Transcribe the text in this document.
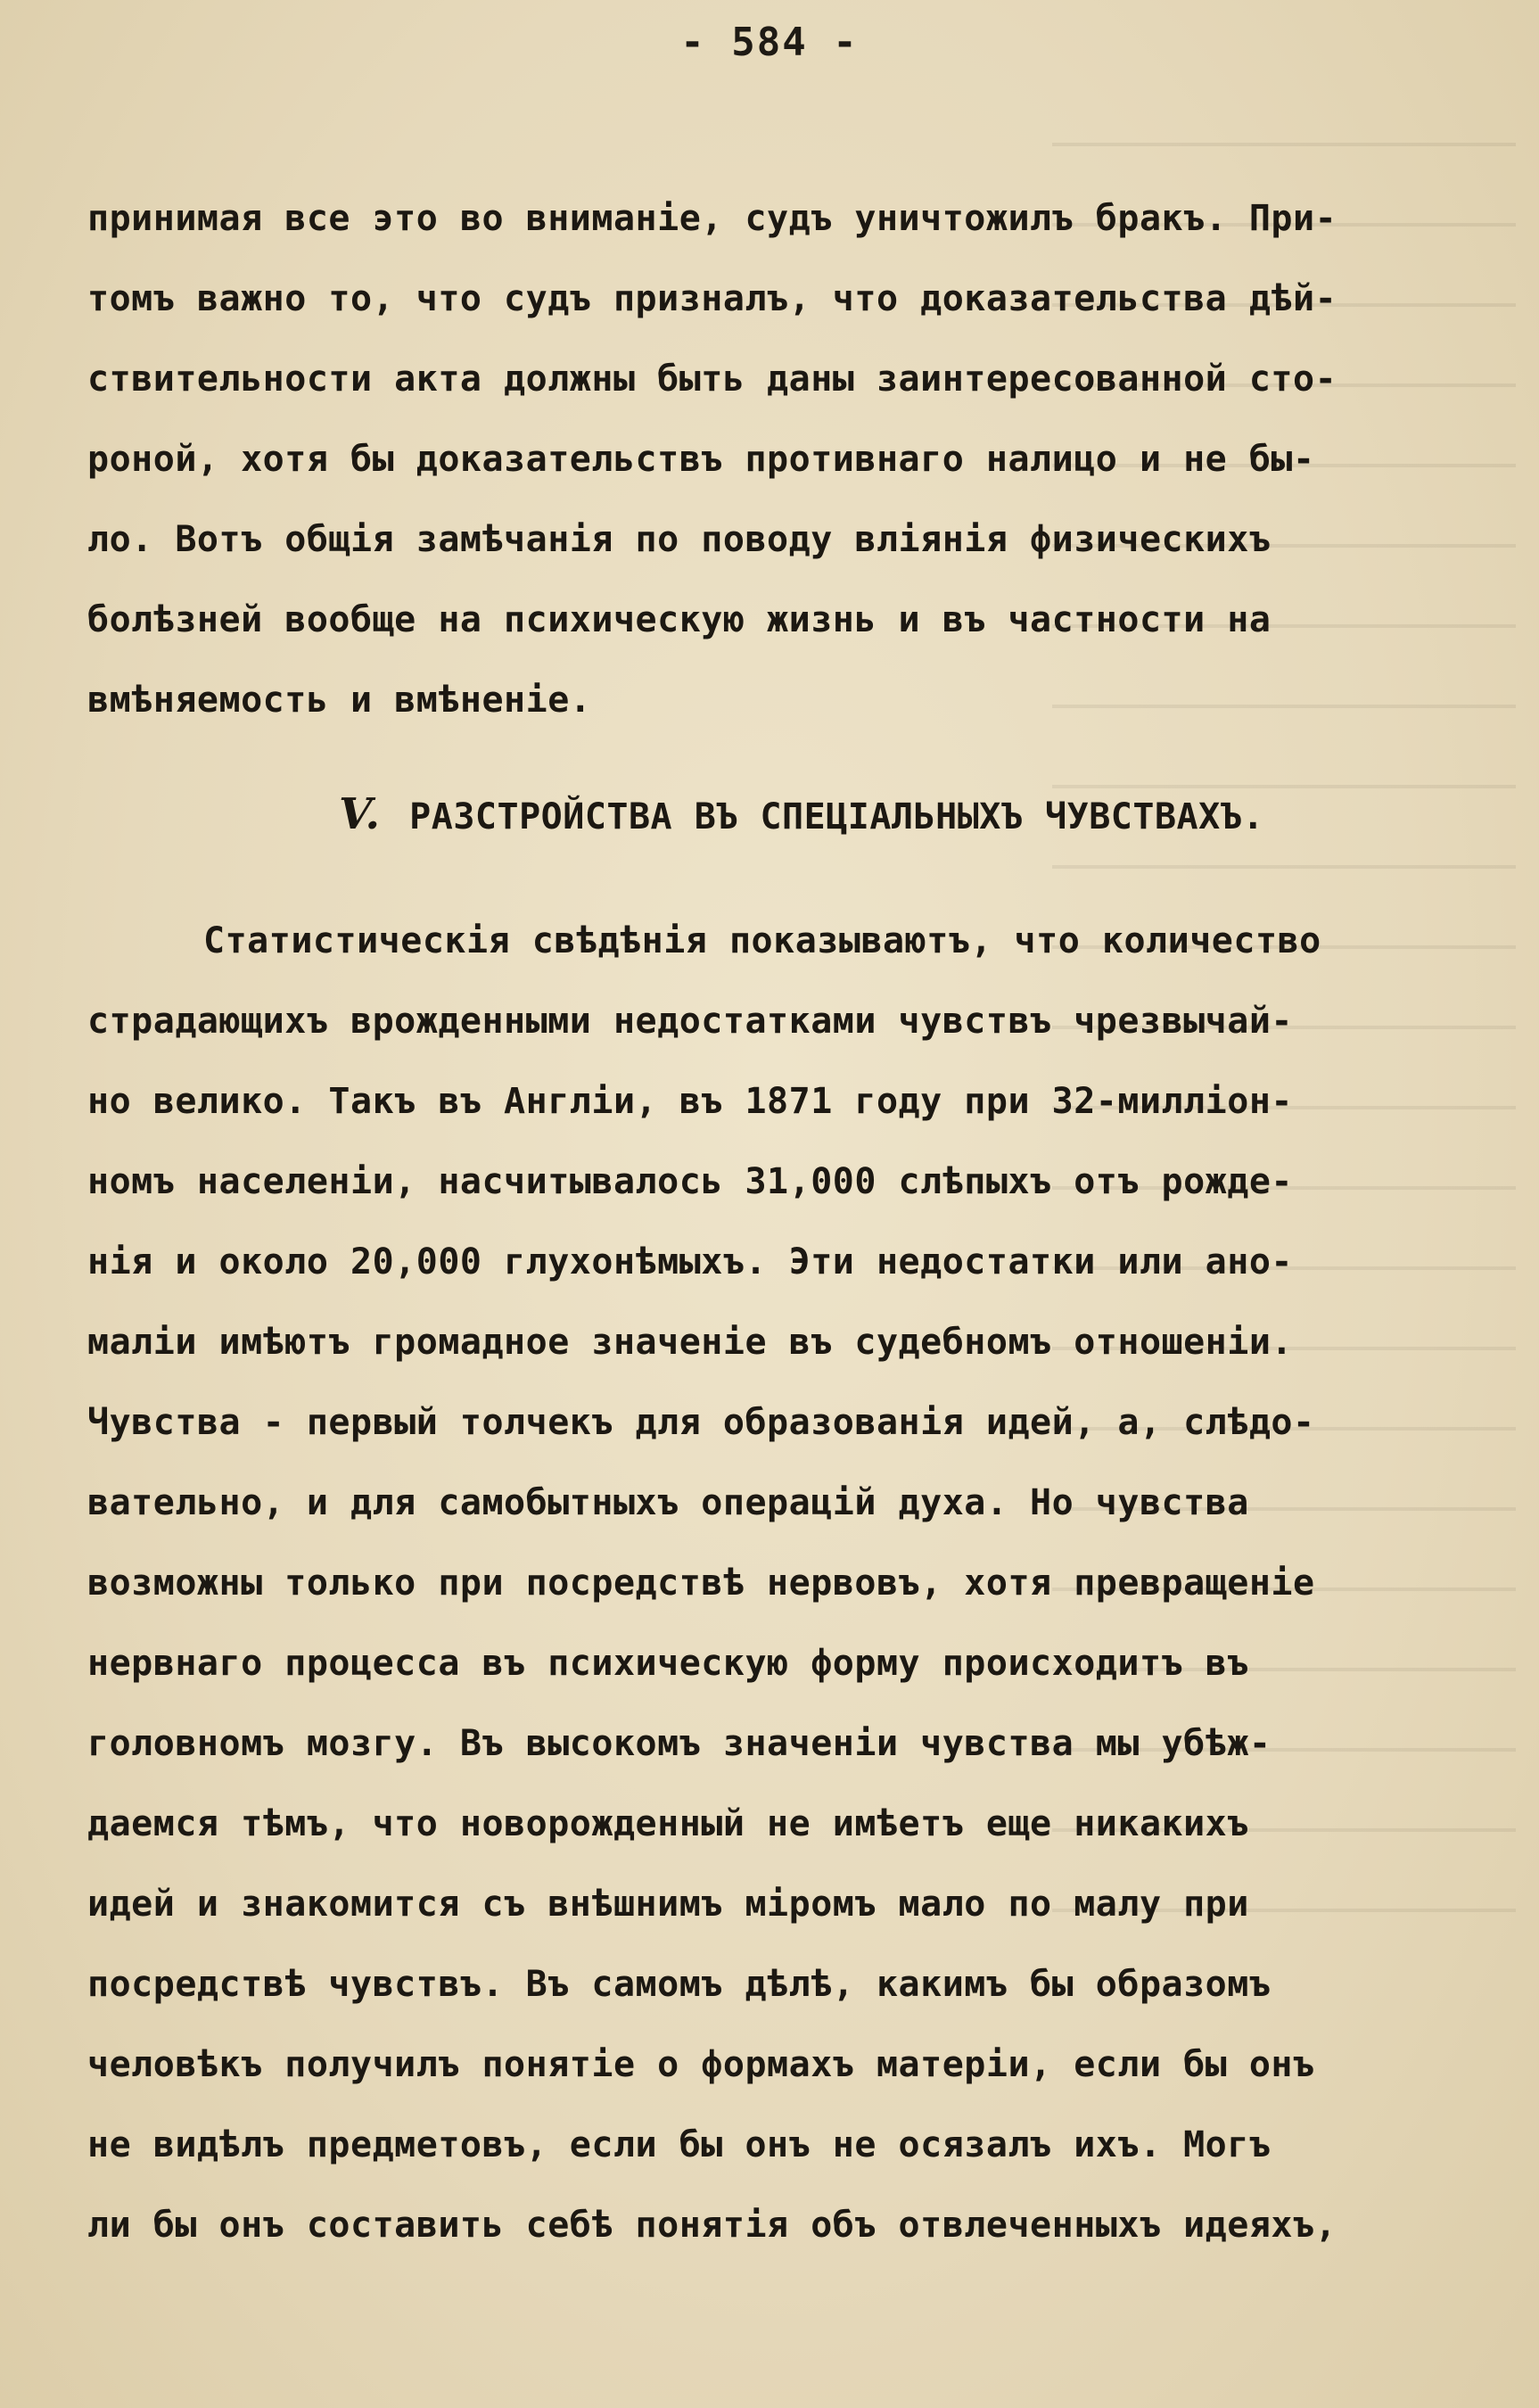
- 584 -
принимая все это во вниманіе, судъ уничтожилъ бракъ. При-
томъ важно то, что судъ призналъ, что доказательства дѣй-
ствительности акта должны быть даны заинтересованной сто-
роной, хотя бы доказательствъ противнаго налицо и не бы-
ло. Вотъ общія замѣчанія по поводу вліянія физическихъ
болѣзней вообще на психическую жизнь и въ частности на
вмѣняемость и вмѣненіе.
V. РАЗСТРОЙСТВА ВЪ СПЕЦІАЛЬНЫХЪ ЧУВСТВАХЪ.
Статистическія свѣдѣнія показываютъ, что количество
страдающихъ врожденными недостатками чувствъ чрезвычай-
но велико. Такъ въ Англіи, въ 1871 году при 32-милліон-
номъ населеніи, насчитывалось 31,000 слѣпыхъ отъ рожде-
нія и около 20,000 глухонѣмыхъ. Эти недостатки или ано-
маліи имѣютъ громадное значеніе въ судебномъ отношеніи.
Чувства - первый толчекъ для образованія идей, а, слѣдо-
вательно, и для самобытныхъ операцій духа. Но чувства
возможны только при посредствѣ нервовъ, хотя превращеніе
нервнаго процесса въ психическую форму происходитъ въ
головномъ мозгу. Въ высокомъ значеніи чувства мы убѣж-
даемся тѣмъ, что новорожденный не имѣетъ еще никакихъ
идей и знакомится съ внѣшнимъ міромъ мало по малу при
посредствѣ чувствъ. Въ самомъ дѣлѣ, какимъ бы образомъ
человѣкъ получилъ понятіе о формахъ матеріи, если бы онъ
не видѣлъ предметовъ, если бы онъ не осязалъ ихъ. Могъ
ли бы онъ составить себѣ понятія объ отвлеченныхъ идеяхъ,
